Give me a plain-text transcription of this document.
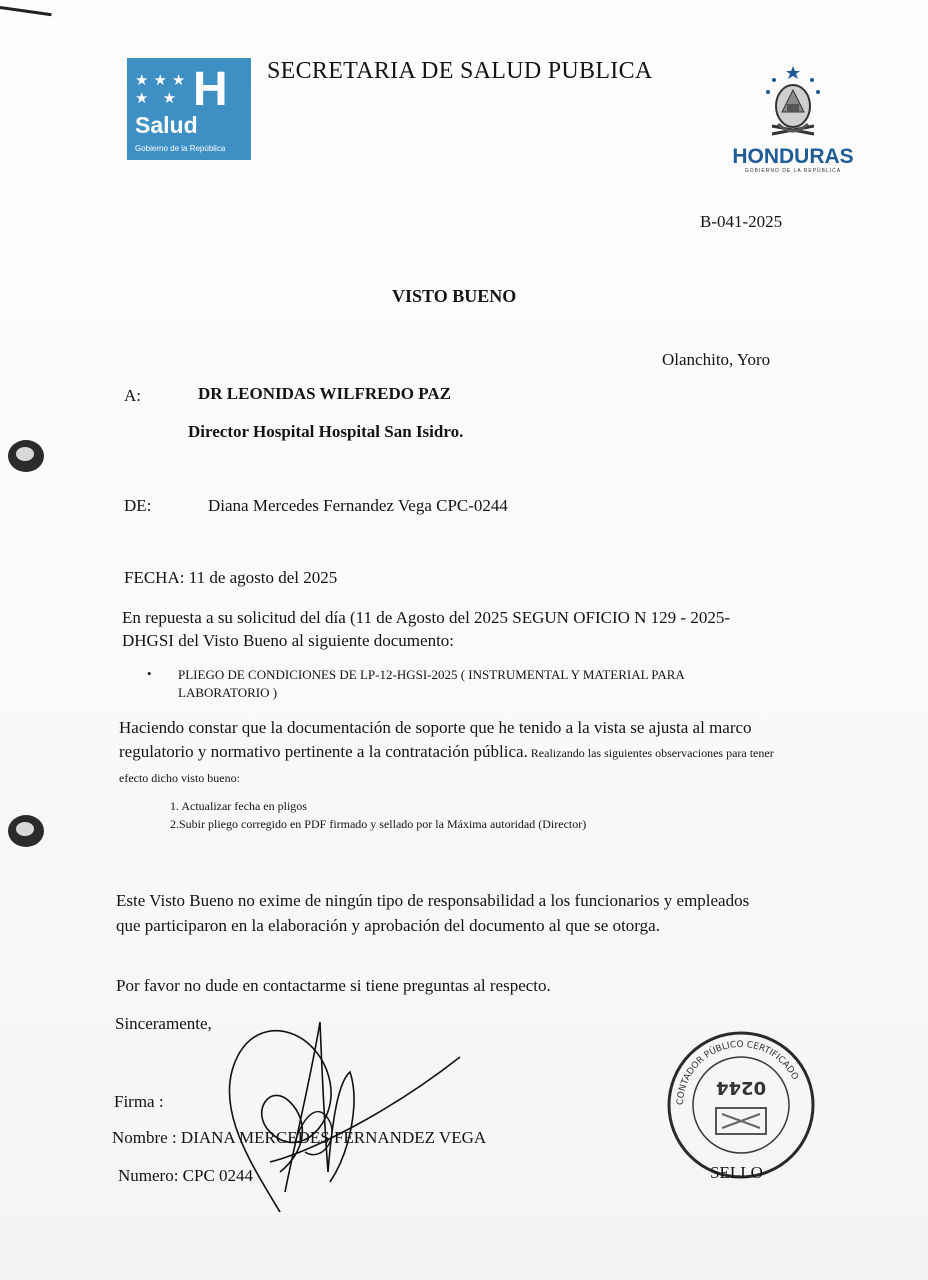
★★★
★ ★ H
Salud
Gobierno de la República
SECRETARIA DE SALUD PUBLICA
HONDURAS
GOBIERNO DE LA REPÚBLICA
B-041-2025
VISTO BUENO
Olanchito, Yoro
A:	DR LEONIDAS WILFREDO PAZ
Director Hospital Hospital San Isidro.
DE:	Diana Mercedes Fernandez Vega CPC-0244
FECHA: 11 de agosto del 2025
En repuesta a su solicitud del día (11 de Agosto del 2025 SEGUN OFICIO N 129 - 2025-DHGSI del Visto Bueno al siguiente documento:
• PLIEGO DE CONDICIONES DE LP-12-HGSI-2025 ( INSTRUMENTAL Y MATERIAL PARA LABORATORIO )
Haciendo constar que la documentación de soporte que he tenido a la vista se ajusta al marco regulatorio y normativo pertinente a la contratación pública. Realizando las siguientes observaciones para tener efecto dicho visto bueno:
1. Actualizar fecha en pligos
2.Subir pliego corregido en PDF firmado y sellado por la Máxima autoridad (Director)
Este Visto Bueno no exime de ningún tipo de responsabilidad a los funcionarios y empleados que participaron en la elaboración y aprobación del documento al que se otorga.
Por favor no dude en contactarme si tiene preguntas al respecto.
Sinceramente,
Firma :
Nombre : DIANA MERCEDES FERNANDEZ VEGA
Numero: CPC 0244
CONTADOR PÚBLICO CERTIFICADO
0244
SELLO
